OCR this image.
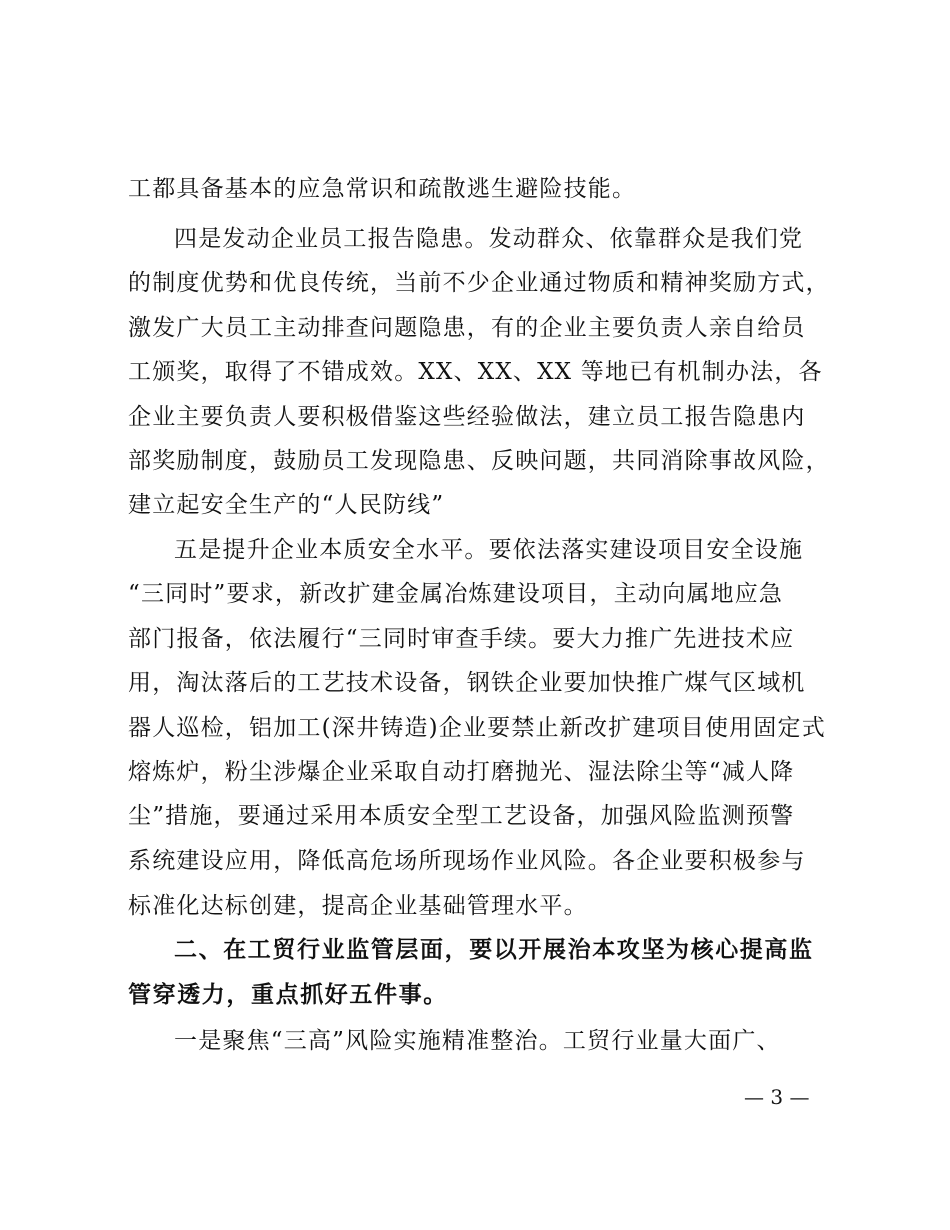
工都具备基本的应急常识和疏散逃生避险技能。
四是发动企业员工报告隐患。发动群众、依靠群众是我们党
的制度优势和优良传统，当前不少企业通过物质和精神奖励方式，
激发广大员工主动排查问题隐患，有的企业主要负责人亲自给员
工颁奖，取得了不错成效。XX、XX、XX 等地已有机制办法，各
企业主要负责人要积极借鉴这些经验做法，建立员工报告隐患内
部奖励制度，鼓励员工发现隐患、反映问题，共同消除事故风险，
建立起安全生产的“人民防线”
五是提升企业本质安全水平。要依法落实建设项目安全设施
“三同时”要求，新改扩建金属冶炼建设项目，主动向属地应急
部门报备，依法履行“三同时审查手续。要大力推广先进技术应
用，淘汰落后的工艺技术设备，钢铁企业要加快推广煤气区域机
器人巡检，铝加工(深井铸造)企业要禁止新改扩建项目使用固定式
熔炼炉，粉尘涉爆企业采取自动打磨抛光、湿法除尘等“减人降
尘”措施，要通过采用本质安全型工艺设备，加强风险监测预警
系统建设应用，降低高危场所现场作业风险。各企业要积极参与
标准化达标创建，提高企业基础管理水平。
二、在工贸行业监管层面，要以开展治本攻坚为核心提高监
管穿透力，重点抓好五件事。
一是聚焦“三高”风险实施精准整治。工贸行业量大面广、
— 3 —
